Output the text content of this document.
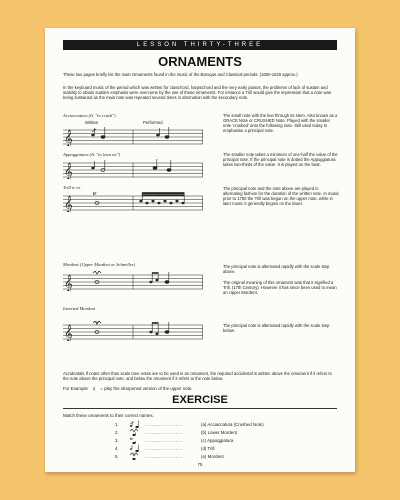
LESSON THIRTY-THREE
ORNAMENTS
These two pages briefly list the main Ornaments found in the music of the Baroque and Classical periods. (1650-1820 approx.)
In the keyboard music of the period which was written for clavichord, harpsichord and the very early pianos, the problems of lack of sustain and inability to obtain sudden emphasis were overcome by the use of these ornaments. For instance a Trill would give the impression that a note was being sustained as the main note was repeated several times in alternation with the secondary note.
Acciaccatura (It. "to crush")
Written	Performed
𝄞
The small note with the line through its stem. Also known as a GRACE Note or CRUSHED Note. Played with the smaller note 'crushed' onto the following note. Still used today to emphasise a principal note.
Appoggiatura (It. "to lean on")
𝄞
The smaller note takes a minimum of one-half the value of the principal note. If the principal note is dotted the Appoggiatura takes two-thirds of the value. It is played on the beat.
Trill tr or
𝄞
tr
The principal note and the note above are played in alternating fashion for the duration of the written note. In music prior to 1750 the Trill was begun on the upper note, while in later music it generally begins on the lower.
Mordent (Upper Mordent or Schneller)
𝄞
The principal note is alternated rapidly with the scale step above.
The original meaning of this ornament was that it signified a Trill. (17th Century). However it has since been used to mean an Upper Mordent.
Inverted Mordent
𝄞	The principal note is alternated rapidly with the scale step below.
Accidentals If notes other than scale tone notes are to be used in an ornament, the required accidental is written above the ornament if it refers to the note above the principal note, and below the ornament if it refers to the note below.
For Example ♯ = play the sharpened version of the upper note.
EXERCISE
Match these ornaments to their correct names.
1.	......................	(a) Acciaccatura (Crushed Note)
2.	......................	(b) Lower Mordent
3.	tr	......................	(c) Appoggiatura
4.	......................	(d) Trill
5.	......................	(e) Mordent
75
